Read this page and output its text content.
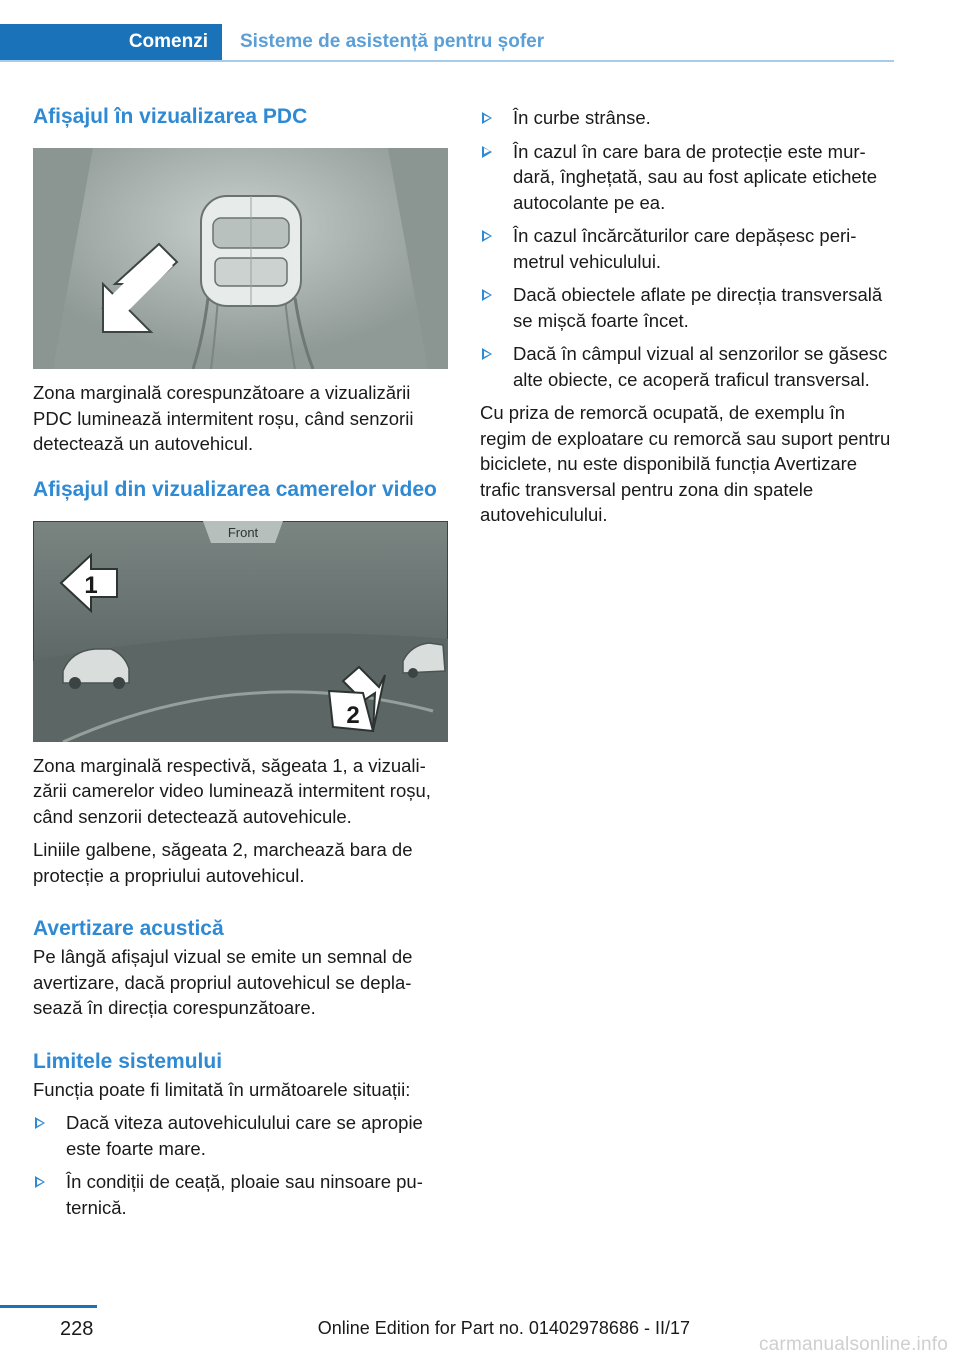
Comenzi	Sisteme de asistență pentru șofer
Afișajul în vizualizarea PDC

Zona marginală corespunzătoare a vizualizării PDC luminează intermitent roșu, când senzorii detectează un autovehicul.

Afișajul din vizualizarea camerelor video
Front
1
2

Zona marginală respectivă, săgeata 1, a vizualizării camerelor video luminează intermitent roșu, când senzorii detectează autovehicule.

Liniile galbene, săgeata 2, marchează bara de protecție a propriului autovehicul.

Avertizare acustică

Pe lângă afișajul vizual se emite un semnal de avertizare, dacă propriul autovehicul se deplasează în direcția corespunzătoare.

Limitele sistemului

Funcția poate fi limitată în următoarele situații:

Dacă viteza autovehiculului care se apropie este foarte mare.
În condiții de ceață, ploaie sau ninsoare puternică.
În curbe strânse.
În cazul în care bara de protecție este murdară, înghețată, sau au fost aplicate etichete autocolante pe ea.
În cazul încărcăturilor care depășesc perimetrul vehiculului.
Dacă obiectele aflate pe direcția transversală se mișcă foarte încet.
Dacă în câmpul vizual al senzorilor se găsesc alte obiecte, ce acoperă traficul transversal.

Cu priza de remorcă ocupată, de exemplu în regim de exploatare cu remorcă sau suport pentru biciclete, nu este disponibilă funcția Avertizare trafic transversal pentru zona din spatele autovehiculului.

228	Online Edition for Part no. 01402978686 - II/17
carmanualsonline.info
